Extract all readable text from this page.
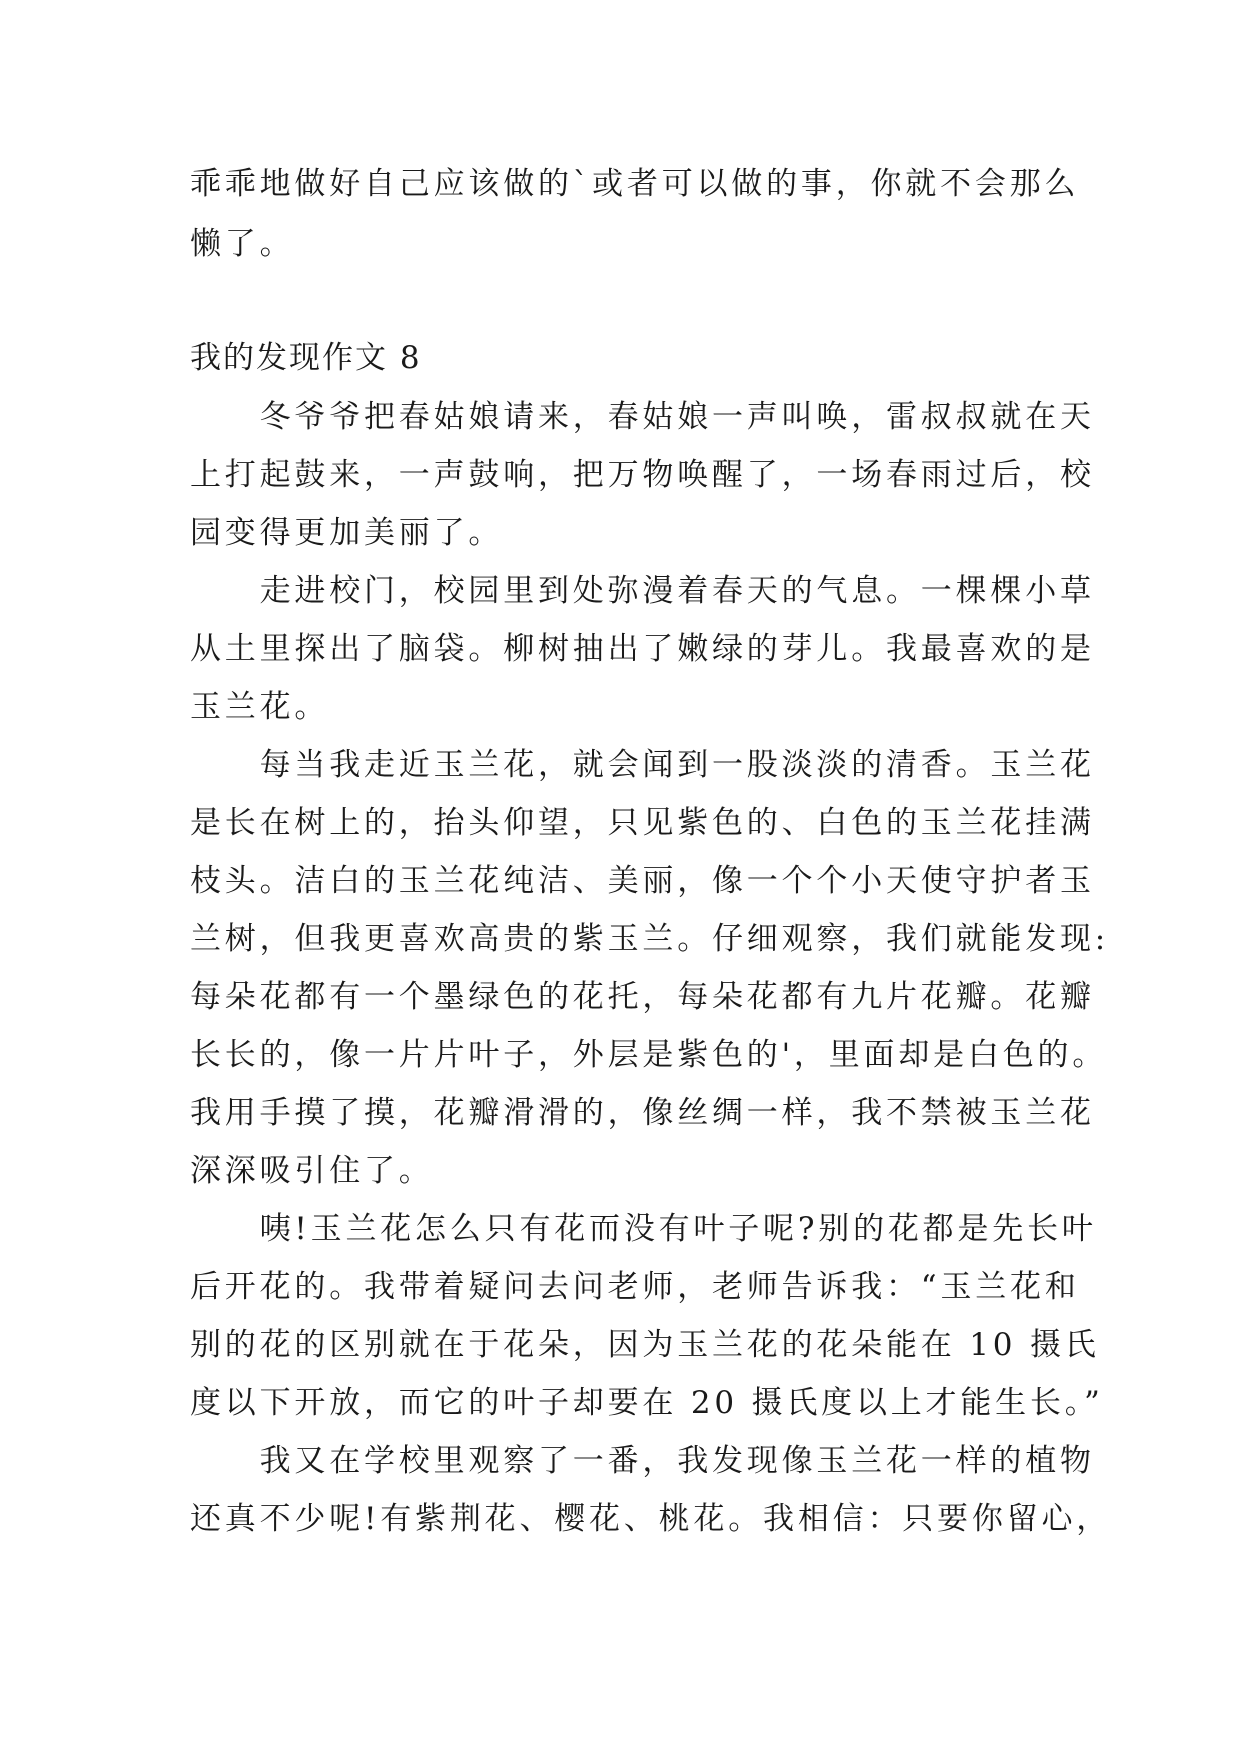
乖乖地做好自己应该做的`或者可以做的事，你就不会那么
懒了。
我的发现作文 8
　　冬爷爷把春姑娘请来，春姑娘一声叫唤，雷叔叔就在天
上打起鼓来，一声鼓响，把万物唤醒了，一场春雨过后，校
园变得更加美丽了。
　　走进校门，校园里到处弥漫着春天的气息。一棵棵小草
从土里探出了脑袋。柳树抽出了嫩绿的芽儿。我最喜欢的是
玉兰花。
　　每当我走近玉兰花，就会闻到一股淡淡的清香。玉兰花
是长在树上的，抬头仰望，只见紫色的、白色的玉兰花挂满
枝头。洁白的玉兰花纯洁、美丽，像一个个小天使守护者玉
兰树，但我更喜欢高贵的紫玉兰。仔细观察，我们就能发现:
每朵花都有一个墨绿色的花托，每朵花都有九片花瓣。花瓣
长长的，像一片片叶子，外层是紫色的'，里面却是白色的。
我用手摸了摸，花瓣滑滑的，像丝绸一样，我不禁被玉兰花
深深吸引住了。
　　咦!玉兰花怎么只有花而没有叶子呢?别的花都是先长叶
后开花的。我带着疑问去问老师，老师告诉我：“玉兰花和
别的花的区别就在于花朵，因为玉兰花的花朵能在 10 摄氏
度以下开放，而它的叶子却要在 20 摄氏度以上才能生长。”
　　我又在学校里观察了一番，我发现像玉兰花一样的植物
还真不少呢!有紫荆花、樱花、桃花。我相信：只要你留心，
